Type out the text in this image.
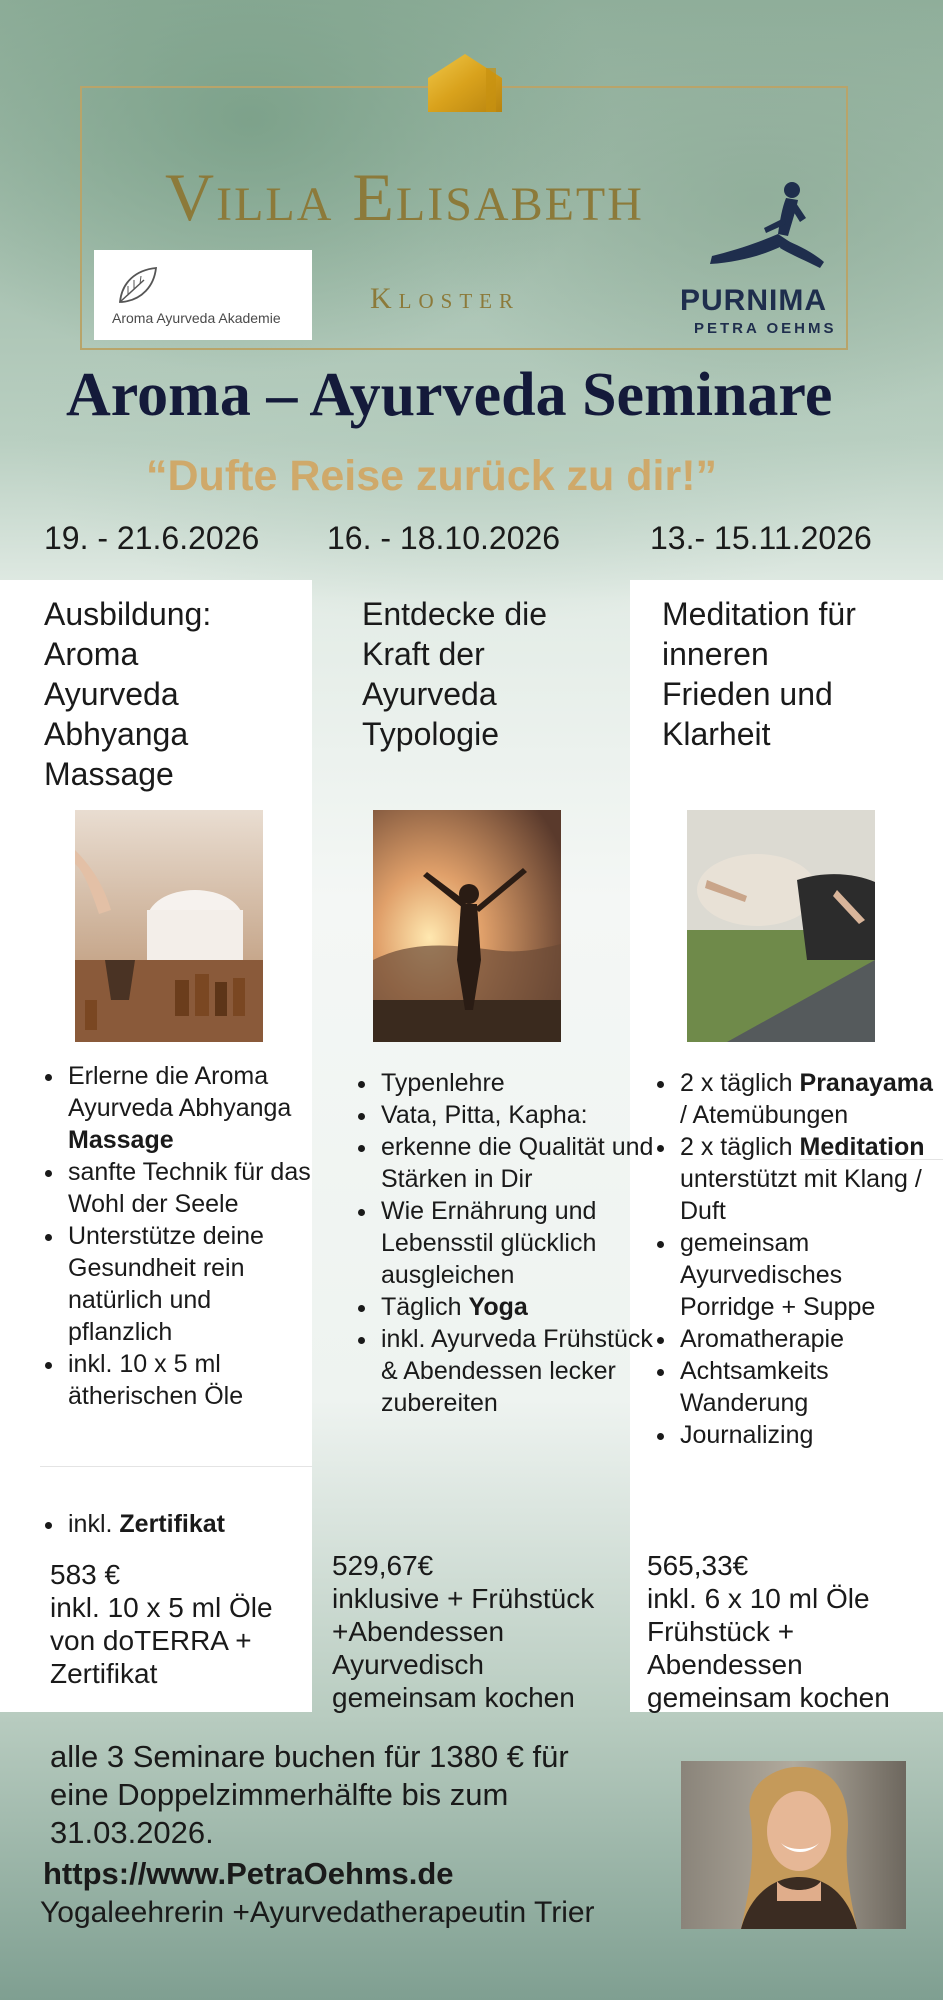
Villa Elisabeth
Kloster
Aroma Ayurveda Akademie
PURNIMA
PETRA OEHMS
Aroma – Ayurveda Seminare
“Dufte Reise zurück zu dir!”
19. - 21.6.2026 16. - 18.10.2026	13.- 15.11.2026
Ausbildung:
Aroma
Ayurveda
Abhyanga
Massage
Entdecke die
Kraft der
Ayurveda
Typologie
Meditation für
inneren
Frieden und
Klarheit
• Erlerne die Aroma Ayurveda Abhyanga Massage
• sanfte Technik für das Wohl der Seele
• Unterstütze deine Gesundheit rein natürlich und pflanzlich
• inkl. 10 x 5 ml ätherischen Öle
• inkl. Zertifikat
• Typenlehre
• Vata, Pitta, Kapha:
• erkenne die Qualität und Stärken in Dir
• Wie Ernährung und Lebensstil glücklich ausgleichen
• Täglich Yoga
• inkl. Ayurveda Frühstück & Abendessen lecker zubereiten
• 2 x täglich Pranayama / Atemübungen
• 2 x täglich Meditation unterstützt mit Klang / Duft
• gemeinsam Ayurvedisches Porridge + Suppe
• Aromatherapie
• Achtsamkeits Wanderung
• Journalizing
583 €
inkl. 10 x 5 ml Öle
von doTERRA +
Zertifikat
529,67€
inklusive + Frühstück
+Abendessen
Ayurvedisch
gemeinsam kochen
565,33€
inkl. 6 x 10 ml Öle
Frühstück +
Abendessen
gemeinsam kochen
alle 3 Seminare buchen für 1380 € für
eine Doppelzimmerhälfte bis zum
31.03.2026.
https://www.PetraOehms.de
Yogaleehrerin +Ayurvedatherapeutin Trier
